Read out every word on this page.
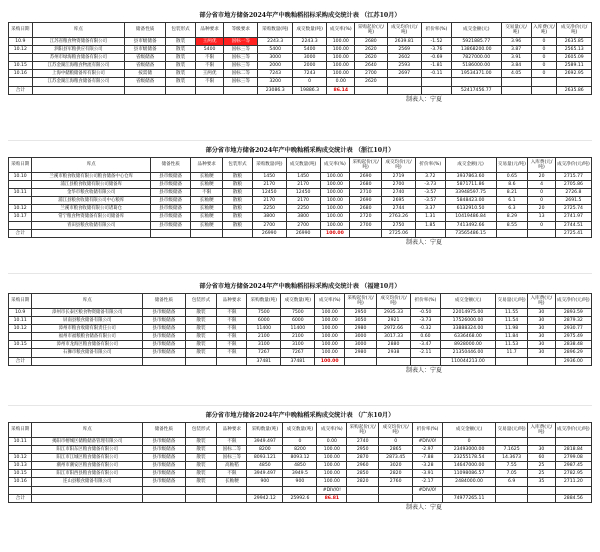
部分省市地方储备2024年产中晚籼稻招标采购成交统计表 （江苏10月）
采购日期	库点	储备性质	包装形式	品种要求	等级要求	采购数量(吨)	成交数量(吨)	成交率(%)	采购起价(元/吨)	成交均价(元/吨)	折价率(%)	成交金额(元)	交易量(元/吨)	入库费(元/吨)	成交净价(元/吨)
10.9	江苏省粮食物资储备有限公司	县市级储备	散装	王两优	国标一等	2243.3	2243.3	100.00	2680	2639.81	-1.52	5921885.77	3.96	0	2635.85
10.12	泗阳县军粮供应有限公司	县市级储备	散装	5400	国标三等	5400	5400	100.00	2620	2569	-3.76	13868200.00	3.87	0	2565.13
	苏州市绿海粮食储备有限公司	省级储备	散装	不限	国标三等	3000	3000	100.00	2620	2602	-0.69	7827000.00	3.91	0	2605.09
10.15	江苏金湖江海粮食物流有限公司	省级储备	散装	不限	国标三等	2000	2000	100.00	2640	2593	-1.81	5186000.00	3.84	0	2589.11
10.16	上海中储粮储备库有限公司	按需储	散装	王两优	国标二等	7243	7243	100.00	2700	2697	-0.11	19534371.00	4.05	0	2692.95
	江苏金湖江海粮食储备有限公司	省级储备	散装	不限	国标三等	3200	0	0.00	2620						
合计						23086.3	19886.3	86.14				52417456.77			2635.86
制表人：宁夏
部分省市地方储备2024年产中晚籼稻采购成交统计表 （浙江10月）
采购日期	库点	储备性质	品种要求	包装形式	采购数量(吨)	成交数量(吨)	成交率(%)	采购起价(元/吨)	成交均价(元/吨)	折价率(%)	成交金额(元)	交易量(元/吨)	入库费(元/吨)	成交净价(元/吨)
10.10	兰溪市粮食收储有限公司粮食储备中心仓库	县市级储备	长籼粳	散粮	1450	1450	100.00	2690	2719	3.72	3937863.60	0.65	20	2715.77
	浦江县粮食收储有限公司储备库	县市级储备	长籼粳	散粮	2170	2170	100.00	2680	2700	-3.73	5871711.86	8.6	4	2705.86
10.11	金华市粮食收储有限公司	县市级储备	不限	散粮	12450	12450	100.00	2710	2740	-3.57	33948597.75	8.21	0	2726.8
	浦江县粮食收储有限公司中心粮库	县市级储备	长籼粳	散粮	2170	2170	100.00	2690	2695	-3.57	5848423.00	6.1	0	2691.5
10.12	兰溪市粮食收储有限公司诸葛仓	县市级储备	长籼粳	散粮	2250	2250	100.00	2680	2744	3.37	6132910.50	6.3	20	2725.74
10.17	常宁粮食物资储备有限公司储备库	县市级储备	长籼粳	散粮	3800	3800	100.00	2720	2763.26	1.31	10419486.84	8.29	13	2741.97
	青田县粮食收储有限公司	县市级储备	长籼粳	散粮	2700	2700	100.00	2700	2750	1.85	7413492.66	8.55	0	2744.51
合计					26990	26990	100.00		2725.06		73565486.15			2725.41
制表人：宁夏
部分省市地方储备2024年产中晚籼稻招标采购成交统计表 （福建10月）
采购日期	库点	储备性质	包装形式	品种要求	采购数量(吨)	成交数量(吨)	成交率(%)	采购起价(元/吨)	成交均价(元/吨)	折价率(%)	成交金额(元)	交易量(元/吨)	入库费(元/吨)	成交净价(元/吨)
10.9	漳州市长泰区粮食物资储备有限公司	县市级储备	散装	不限	7500	7500	100.00	2950	2935.33	-0.50	22014975.00	11.55	30	2893.59
10.11	屏南县粮食储备有限公司	县市级储备	散装	不限	6000	6000	100.00	3050	2921	-3.73	17526000.00	11.54	30	2879.32
10.12	漳州市粮食收储有限责任公司	县市级储备	散装	不限	11400	11400	100.00	2980	2972.66	-0.32	33888324.00	11.98	30	2930.77
	福州市福粮粮食储备有限公司	县市级储备	散装	不限	2100	2100	100.00	3000	3017.33	0.60	6336468.00	11.84	30	2975.49
10.15	漳州市龙海区粮食储备有限公司	县市级储备	散装	不限	3100	3100	100.00	3000	2880	-3.47	8928000.00	11.53	30	2838.48
	石狮市粮食储备有限公司	县市级储备	散装	不限	7267	7267	100.00	2980	2938	-2.11	21350446.00	11.7	30	2896.29
合计					37481	37481	100.00				110044213.00			2936.00
制表人：宁夏
部分省市地方储备2024年产中晚籼稻采购成交统计表 （广东10月）
采购日期	库点	储备性质	包装形式	品种要求	采购数量(吨)	成交数量(吨)	成交率(%)	采购起价(元/吨)	成交均价(元/吨)	折价率(%)	成交金额(元)	交易量(元/吨)	入库费(元/吨)	成交净价(元/吨)
10.11	揭阳市榕城区储粮储备管理有限公司	县市级储备	散装	不限	3949.497	0	0.00	2740	0	#DIV/0!	0			
	阳江市阳东区粮食储备有限公司	县市级储备	散装	国标二等	8200	8200	100.00	2950	2865	-2.97	23493000.00	7.1625	30	2818.84
10.12	阳江市江城区粮食储备有限公司	县市级储备	散装	国标三等	8093.121	8093.12	100.00	2870	2873.45	-7.88	23255178.54	14.3673	60	2799.08
10.13	潮州市潮安区粮食储备有限公司	县市级储备	散装	高籼稻	4850	4850	100.00	2960	3020	-3.28	14647000.00	7.55	25	2987.45
10.15	阳江市阳西县粮食储备有限公司	县市级储备	散装	不限	3949.497	3949.5	100.00	2850	2820	-3.91	11098086.57	7.05	25	2782.95
10.16	连山县粮食储备有限公司	县市级储备	散装	长籼粳	900	900	100.00	2820	2760	-2.17	2484000.00	6.9	35	2711.20
							#DIV/0!			#DIV/0!				
合计					29942.12	25992.6	86.81				74977265.11			2884.56
制表人：宁夏
